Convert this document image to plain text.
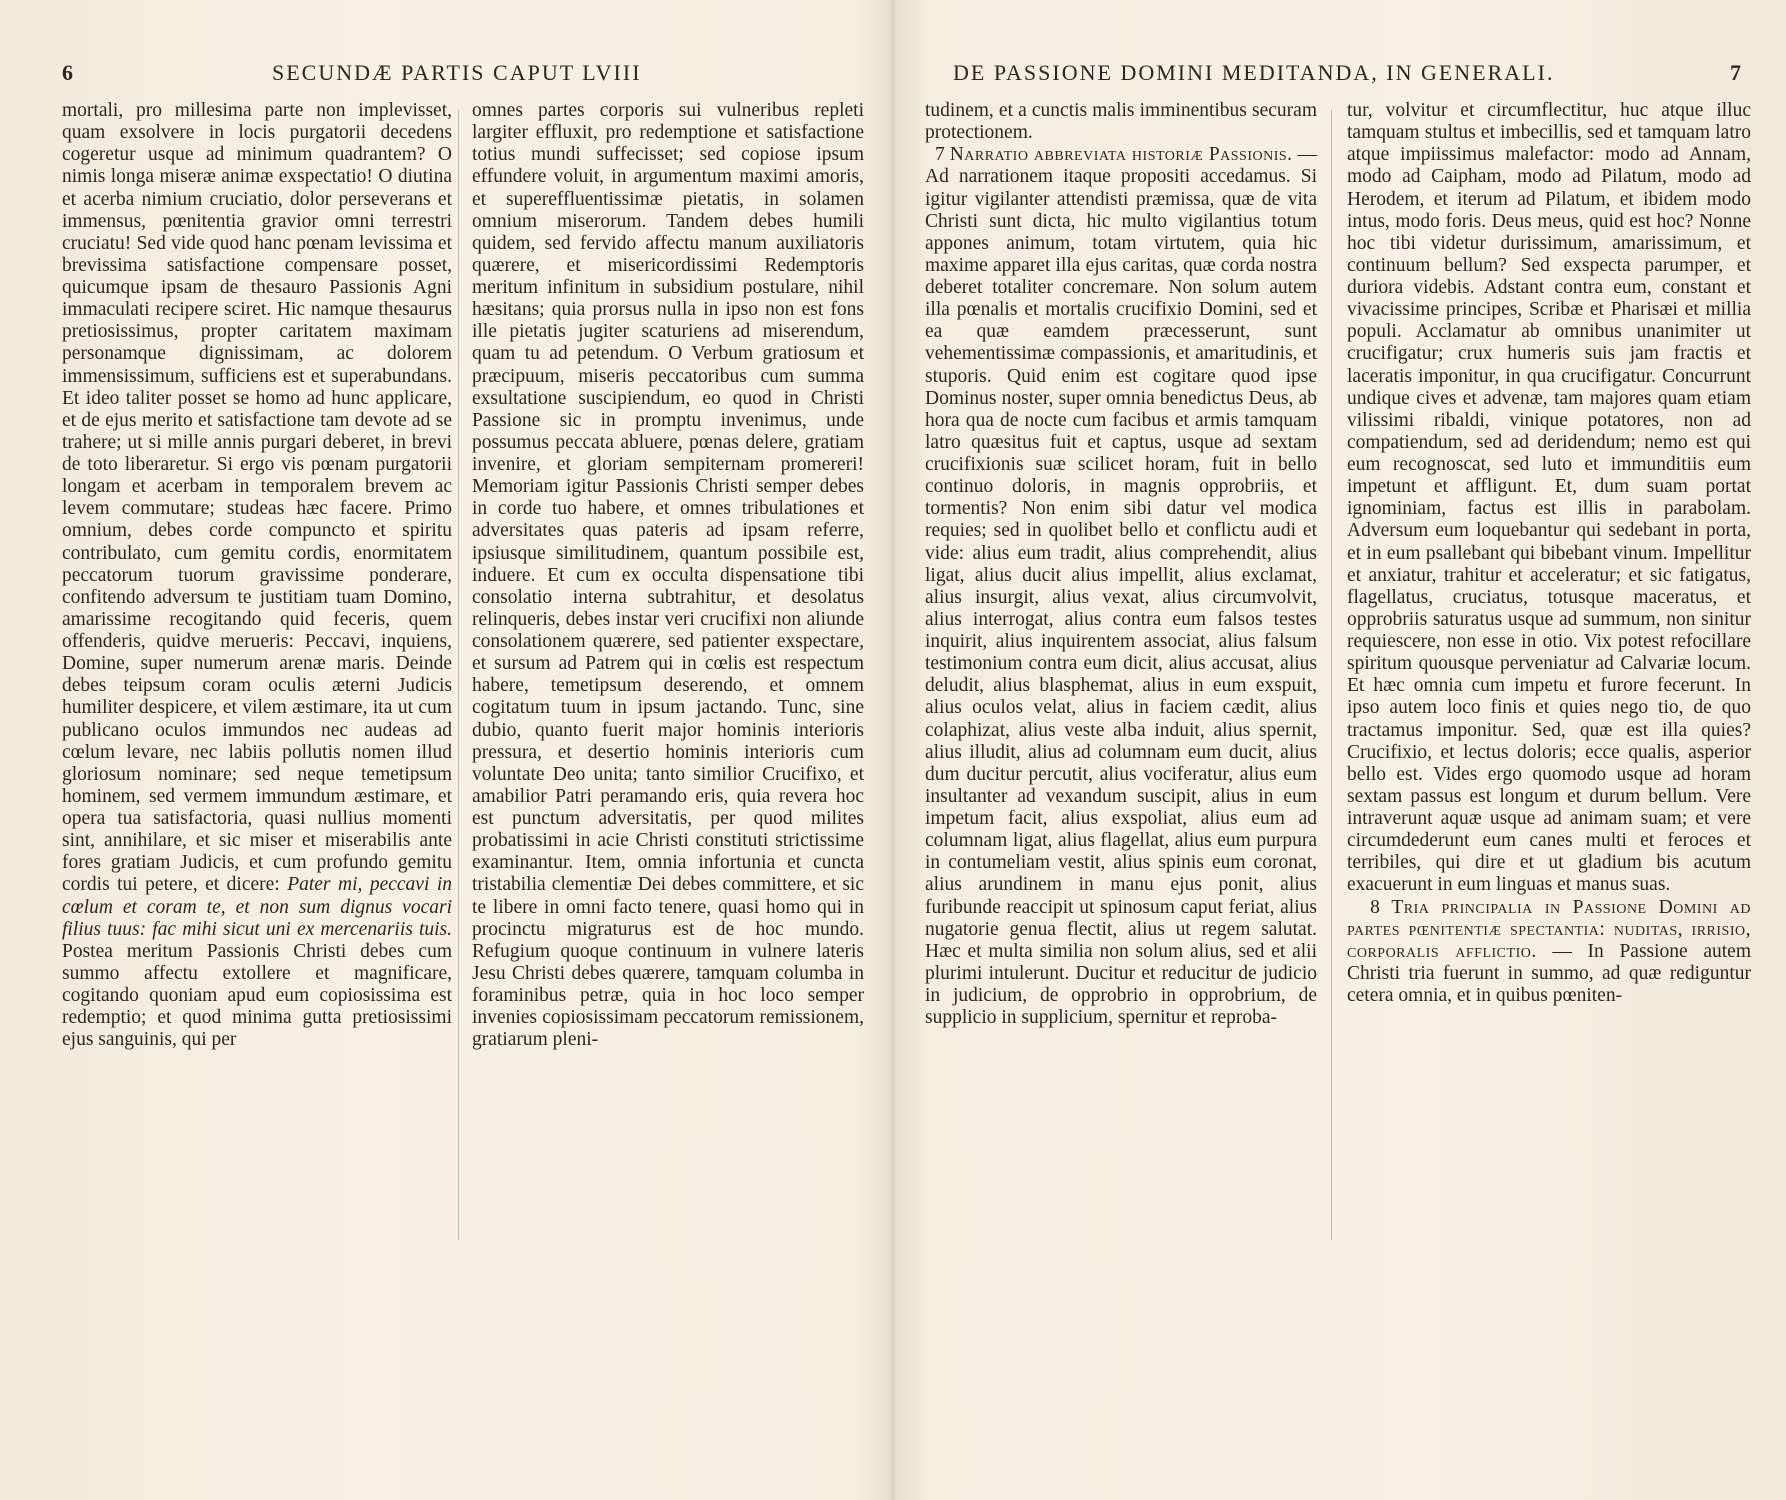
6	SECUNDÆ PARTIS CAPUT LVIII

mortali, pro millesima parte non implevisset, quam exsolvere in locis purgatorii decedens cogeretur usque ad minimum quadrantem? O nimis longa miseræ animæ exspectatio! O diutina et acerba nimium cruciatio, dolor perseverans et immensus, pœnitentia gravior omni terrestri cruciatu! Sed vide quod hanc pœnam levissima et brevissima satisfactione compensare posset, quicumque ipsam de thesauro Passionis Agni immaculati recipere sciret. Hic namque thesaurus pretiosissimus, propter caritatem maximam personamque dignissimam, ac dolorem immensissimum, sufficiens est et superabundans. Et ideo taliter posset se homo ad hunc applicare, et de ejus merito et satisfactione tam devote ad se trahere; ut si mille annis purgari deberet, in brevi de toto liberaretur. Si ergo vis pœnam purgatorii longam et acerbam in temporalem brevem ac levem commutare; studeas hæc facere. Primo omnium, debes corde compuncto et spiritu contribulato, cum gemitu cordis, enormitatem peccatorum tuorum gravissime ponderare, confitendo adversum te justitiam tuam Domino, amarissime recogitando quid feceris, quem offenderis, quidve merueris: Peccavi, inquiens, Domine, super numerum arenæ maris. Deinde debes teipsum coram oculis æterni Judicis humiliter despicere, et vilem æstimare, ita ut cum publicano oculos immundos nec audeas ad cœlum levare, nec labiis pollutis nomen illud gloriosum nominare; sed neque temetipsum hominem, sed vermem immundum æstimare, et opera tua satisfactoria, quasi nullius momenti sint, annihilare, et sic miser et miserabilis ante fores gratiam Judicis, et cum profundo gemitu cordis tui petere, et dicere: Pater mi, peccavi in cœlum et coram te, et non sum dignus vocari filius tuus: fac mihi sicut uni ex mercenariis tuis. Postea meritum Passionis Christi debes cum summo affectu extollere et magnificare, cogitando quoniam apud eum copiosissima est redemptio; et quod minima gutta pretiosissimi ejus sanguinis, qui per

omnes partes corporis sui vulneribus repleti largiter effluxit, pro redemptione et satisfactione totius mundi suffecisset; sed copiose ipsum effundere voluit, in argumentum maximi amoris, et supereffluentissimæ pietatis, in solamen omnium miserorum. Tandem debes humili quidem, sed fervido affectu manum auxiliatoris quærere, et misericordissimi Redemptoris meritum infinitum in subsidium postulare, nihil hæsitans; quia prorsus nulla in ipso non est fons ille pietatis jugiter scaturiens ad miserendum, quam tu ad petendum. O Verbum gratiosum et præcipuum, miseris peccatoribus cum summa exsultatione suscipiendum, eo quod in Christi Passione sic in promptu invenimus, unde possumus peccata abluere, pœnas delere, gratiam invenire, et gloriam sempiternam promereri! Memoriam igitur Passionis Christi semper debes in corde tuo habere, et omnes tribulationes et adversitates quas pateris ad ipsam referre, ipsiusque similitudinem, quantum possibile est, induere. Et cum ex occulta dispensatione tibi consolatio interna subtrahitur, et desolatus relinqueris, debes instar veri crucifixi non aliunde consolationem quærere, sed patienter exspectare, et sursum ad Patrem qui in cœlis est respectum habere, temetipsum deserendo, et omnem cogitatum tuum in ipsum jactando. Tunc, sine dubio, quanto fuerit major hominis interioris pressura, et desertio hominis interioris cum voluntate Deo unita; tanto similior Crucifixo, et amabilior Patri peramando eris, quia revera hoc est punctum adversitatis, per quod milites probatissimi in acie Christi constituti strictissime examinantur. Item, omnia infortunia et cuncta tristabilia clementiæ Dei debes committere, et sic te libere in omni facto tenere, quasi homo qui in procinctu migraturus est de hoc mundo. Refugium quoque continuum in vulnere lateris Jesu Christi debes quærere, tamquam columba in foraminibus petræ, quia in hoc loco semper invenies copiosissimam peccatorum remissionem, gratiarum pleni-

DE PASSIONE DOMINI MEDITANDA, IN GENERALI.	7

tudinem, et a cunctis malis imminentibus securam protectionem.

7 Narratio abbreviata historiæ Passionis. — Ad narrationem itaque propositi accedamus. Si igitur vigilanter attendisti præmissa, quæ de vita Christi sunt dicta, hic multo vigilantius totum appones animum, totam virtutem, quia hic maxime apparet illa ejus caritas, quæ corda nostra deberet totaliter concremare. Non solum autem illa pœnalis et mortalis crucifixio Domini, sed et ea quæ eamdem præcesserunt, sunt vehementissimæ compassionis, et amaritudinis, et stuporis. Quid enim est cogitare quod ipse Dominus noster, super omnia benedictus Deus, ab hora qua de nocte cum facibus et armis tamquam latro quæsitus fuit et captus, usque ad sextam crucifixionis suæ scilicet horam, fuit in bello continuo doloris, in magnis opprobriis, et tormentis? Non enim sibi datur vel modica requies; sed in quolibet bello et conflictu audi et vide: alius eum tradit, alius comprehendit, alius ligat, alius ducit alius impellit, alius exclamat, alius insurgit, alius vexat, alius circumvolvit, alius interrogat, alius contra eum falsos testes inquirit, alius inquirentem associat, alius falsum testimonium contra eum dicit, alius accusat, alius deludit, alius blasphemat, alius in eum exspuit, alius oculos velat, alius in faciem cædit, alius colaphizat, alius veste alba induit, alius spernit, alius illudit, alius ad columnam eum ducit, alius dum ducitur percutit, alius vociferatur, alius eum insultanter ad vexandum suscipit, alius in eum impetum facit, alius exspoliat, alius eum ad columnam ligat, alius flagellat, alius eum purpura in contumeliam vestit, alius spinis eum coronat, alius arundinem in manu ejus ponit, alius furibunde reaccipit ut spinosum caput feriat, alius nugatorie genua flectit, alius ut regem salutat. Hæc et multa similia non solum alius, sed et alii plurimi intulerunt. Ducitur et reducitur de judicio in judicium, de opprobrio in opprobrium, de supplicio in supplicium, spernitur et reproba-

tur, volvitur et circumflectitur, huc atque illuc tamquam stultus et imbecillis, sed et tamquam latro atque impiissimus malefactor: modo ad Annam, modo ad Caipham, modo ad Pilatum, modo ad Herodem, et iterum ad Pilatum, et ibidem modo intus, modo foris. Deus meus, quid est hoc? Nonne hoc tibi videtur durissimum, amarissimum, et continuum bellum? Sed exspecta parumper, et duriora videbis. Adstant contra eum, constant et vivacissime principes, Scribæ et Pharisæi et millia populi. Acclamatur ab omnibus unanimiter ut crucifigatur; crux humeris suis jam fractis et laceratis imponitur, in qua crucifigatur. Concurrunt undique cives et advenæ, tam majores quam etiam vilissimi ribaldi, vinique potatores, non ad compatiendum, sed ad deridendum; nemo est qui eum recognoscat, sed luto et immunditiis eum impetunt et affligunt. Et, dum suam portat ignominiam, factus est illis in parabolam. Adversum eum loquebantur qui sedebant in porta, et in eum psallebant qui bibebant vinum. Impellitur et anxiatur, trahitur et acceleratur; et sic fatigatus, flagellatus, cruciatus, totusque maceratus, et opprobriis saturatus usque ad summum, non sinitur requiescere, non esse in otio. Vix potest refocillare spiritum quousque perveniatur ad Calvariæ locum. Et hæc omnia cum impetu et furore fecerunt. In ipso autem loco finis et quies nego tio, de quo tractamus imponitur. Sed, quæ est illa quies? Crucifixio, et lectus doloris; ecce qualis, asperior bello est. Vides ergo quomodo usque ad horam sextam passus est longum et durum bellum. Vere intraverunt aquæ usque ad animam suam; et vere circumdederunt eum canes multi et feroces et terribiles, qui dire et ut gladium bis acutum exacuerunt in eum linguas et manus suas.

8 Tria principalia in Passione Domini ad partes pœnitentiæ spectantia: nuditas, irrisio, corporalis afflictio. — In Passione autem Christi tria fuerunt in summo, ad quæ rediguntur cetera omnia, et in quibus pœniten-
